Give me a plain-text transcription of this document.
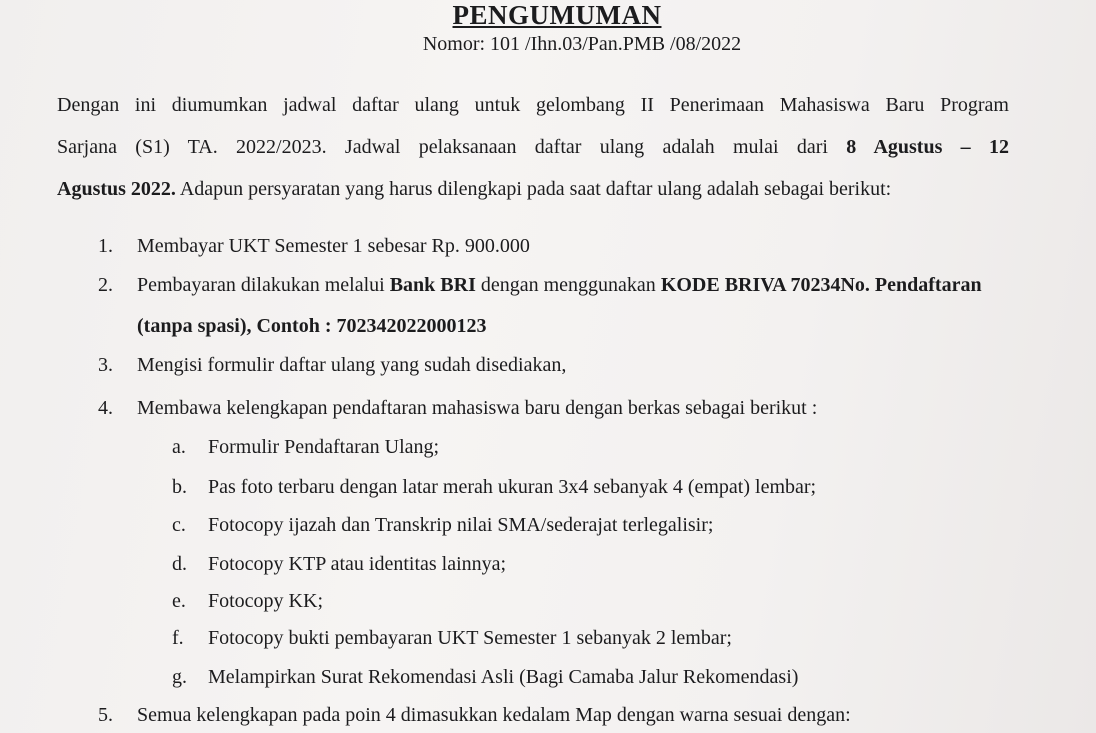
PENGUMUMAN
Nomor: 101 /Ihn.03/Pan.PMB /08/2022
Dengan ini diumumkan jadwal daftar ulang untuk gelombang II Penerimaan Mahasiswa Baru Program
Sarjana (S1) TA. 2022/2023. Jadwal pelaksanaan daftar ulang adalah mulai dari 8 Agustus – 12
Agustus 2022. Adapun persyaratan yang harus dilengkapi pada saat daftar ulang adalah sebagai berikut:
1. Membayar UKT Semester 1 sebesar Rp. 900.000
2. Pembayaran dilakukan melalui Bank BRI dengan menggunakan KODE BRIVA 70234No. Pendaftaran
(tanpa spasi), Contoh : 702342022000123
3. Mengisi formulir daftar ulang yang sudah disediakan,
4. Membawa kelengkapan pendaftaran mahasiswa baru dengan berkas sebagai berikut :
a. Formulir Pendaftaran Ulang;
b. Pas foto terbaru dengan latar merah ukuran 3x4 sebanyak 4 (empat) lembar;
c. Fotocopy ijazah dan Transkrip nilai SMA/sederajat terlegalisir;
d. Fotocopy KTP atau identitas lainnya;
e. Fotocopy KK;
f. Fotocopy bukti pembayaran UKT Semester 1 sebanyak 2 lembar;
g. Melampirkan Surat Rekomendasi Asli (Bagi Camaba Jalur Rekomendasi)
5. Semua kelengkapan pada poin 4 dimasukkan kedalam Map dengan warna sesuai dengan:
